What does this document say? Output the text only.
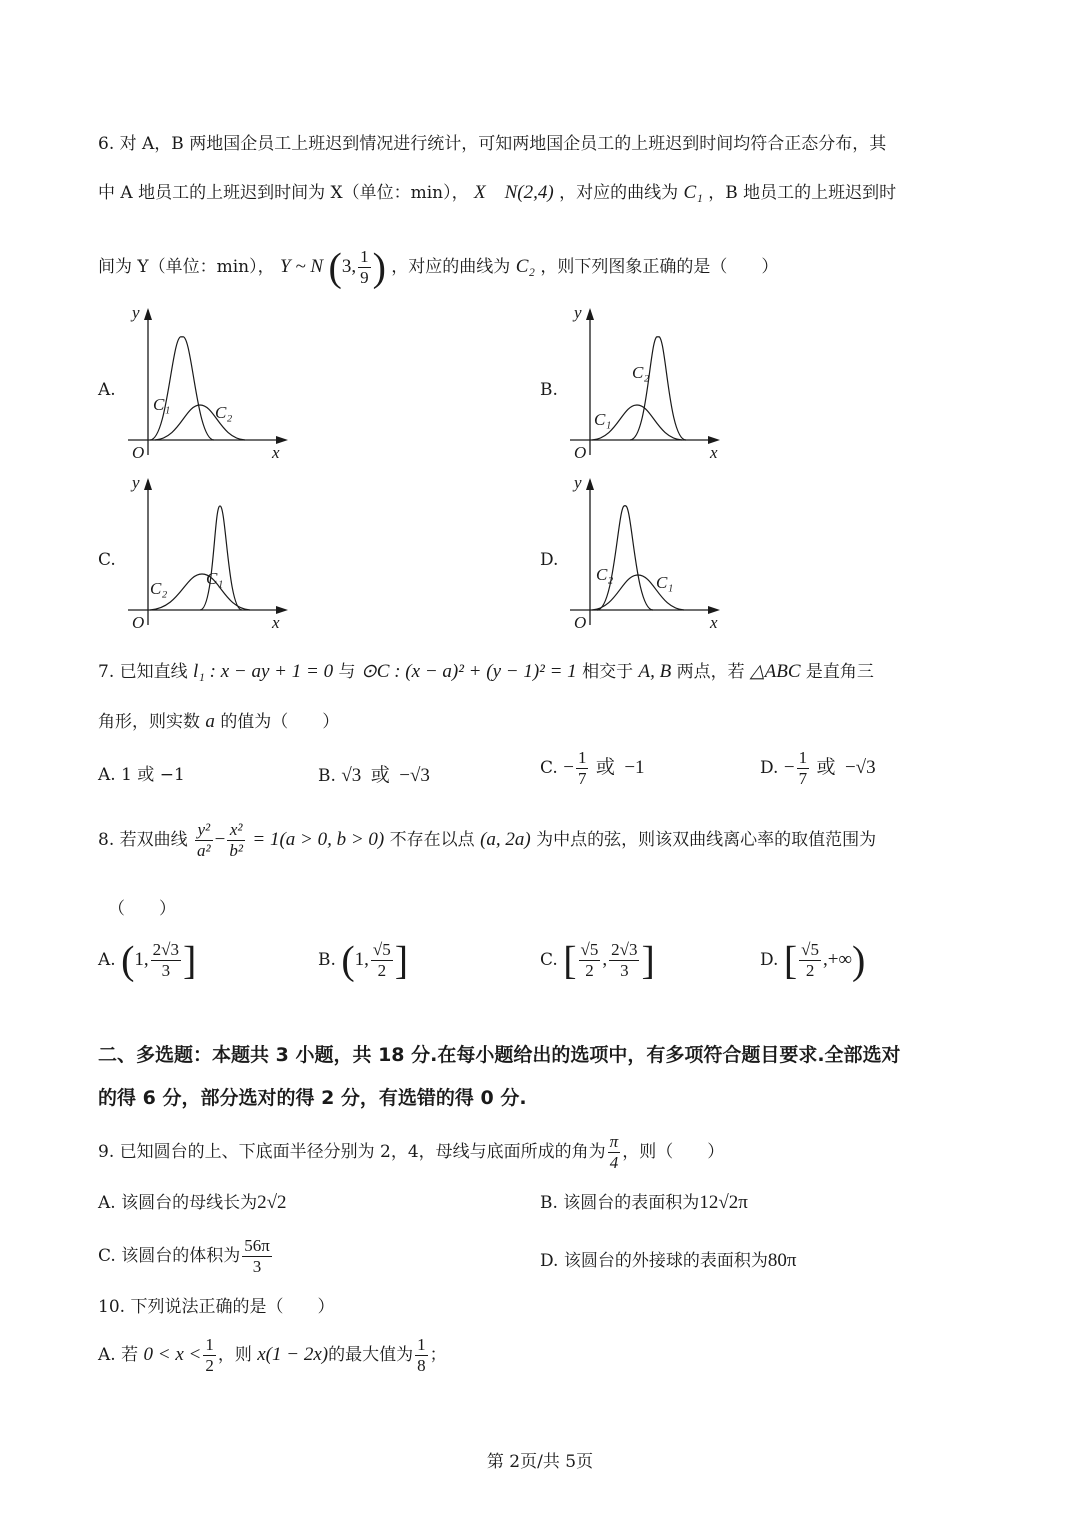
6. 对 A，B 两地国企员工上班迟到情况进行统计，可知两地国企员工的上班迟到时间均符合正态分布，其
中 A 地员工的上班迟到时间为 X（单位：min）， X    N(2,4) ，对应的曲线为 C₁ ，B 地员工的上班迟到时
间为 Y（单位：min）， Y ~ N (3, $\frac{1}{9}$ ) ，对应的曲线为 C₂ ，则下列图象正确的是（　　）
A.	B.
C.	D.
y
x
O
C₁	C₂
y
x
O
C₁
C₂
y
x
O
C₂
C₁
y
x
O
C₂	C₁
7. 已知直线 l₁ : x − ay + 1 = 0 与 ⊙C : (x − a)² + (y − 1)² = 1 相交于 A, B 两点，若 △ABC 是直角三
角形，则实数 a 的值为（　　）
A. 1 或 −1	B. √3  或  −√3	C. − $\frac{1}{7}$ 或  −1	D. − $\frac{1}{7}$ 或  −√3
8. 若双曲线 $\frac{\text{y²}}{\text{a²}} - \frac{\text{x²}}{\text{b²}} = 1(a > 0$, b > 0) 不存在以点 (a, 2a) 为中点的弦，则该双曲线离心率的取值范围为
（　　）
A. (1, $\frac{2√3}{3}$ ]	B. (1, $\frac{√5}{2}$ ]	C. [ $\frac{√5}{2}$ , $\frac{2√3}{3}$ ]	D. [ $\frac{√5}{2}$ ,+∞)
二、多选题：本题共 3 小题，共 18 分.在每小题给出的选项中，有多项符合题目要求.全部选对
的得 6 分，部分选对的得 2 分，有选错的得 0 分.
9. 已知圆台的上、下底面半径分别为 2，4，母线与底面所成的角为 $\frac{\pi}{4}$ ，则（　　）
A. 该圆台的母线长为2√2	B. 该圆台的表面积为12√2π
C. 该圆台的体积为 $\frac{56\pi}{3}$	D. 该圆台的外接球的表面积为80π
10. 下列说法正确的是（　　）
A. 若 $0 < x < \frac{1}{2}$ ，则 x(1 − 2x)的最大值为 $\frac{1}{8}$ ；
第 2页/共 5页
